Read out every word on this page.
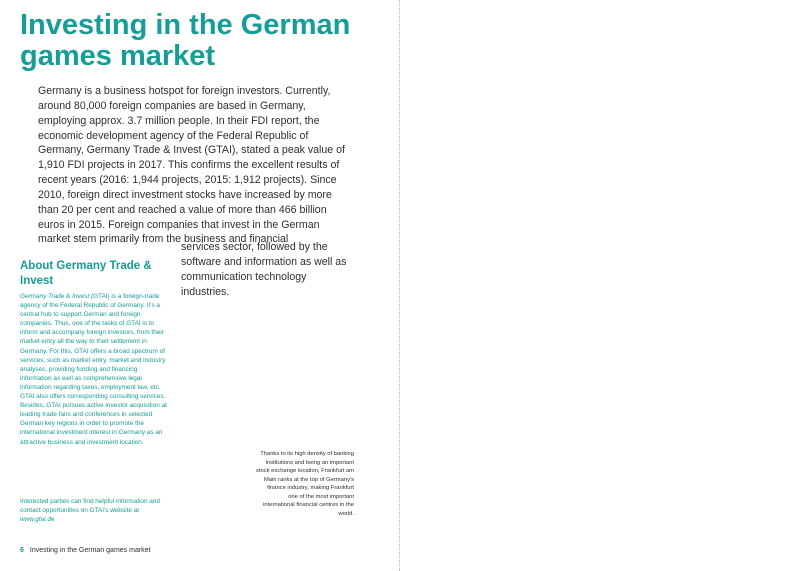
Investing in the German games market

Germany is a business hotspot for foreign investors. Currently, around 80,000 foreign companies are based in Germany, employing approx. 3.7 million people. In their FDI report, the economic development agency of the Federal Republic of Germany, Germany Trade & Invest (GTAI), stated a peak value of 1,910 FDI projects in 2017. This confirms the excellent results of recent years (2016: 1,944 projects, 2015: 1,912 projects). Since 2010, foreign direct investment stocks have increased by more than 20 per cent and reached a value of more than 466 billion euros in 2015. Foreign companies that invest in the German market stem primarily from the business and financial

services sector, followed by the software and information as well as communication technology industries.

About Germany Trade & Invest

Germany Trade & Invest (GTAI) is a foreign-trade agency of the Federal Republic of Germany. It's a central hub to support German and foreign companies. Thus, one of the tasks of GTAI is to inform and accompany foreign investors, from their market entry all the way to their settlement in Germany. For this, GTAI offers a broad spectrum of services, such as market entry, market and industry analyses, providing funding and financing information as well as comprehensive legal information regarding taxes, employment law, etc. GTAI also offers corresponding consulting services. Besides, GTAI pursues active investor acquisition at leading trade fairs and conferences in selected German key regions in order to promote the international investment interest in Germany as an attractive business and investment location.

Interested parties can find helpful information and contact opportunities on GTAI's website at www.gtai.de

Thanks to its high density of banking institutions and being an important stock exchange location, Frankfurt am Main ranks at the top of Germany's finance industry, making Frankfurt one of the most important international financial centres in the world.

6 Investing in the German games market
